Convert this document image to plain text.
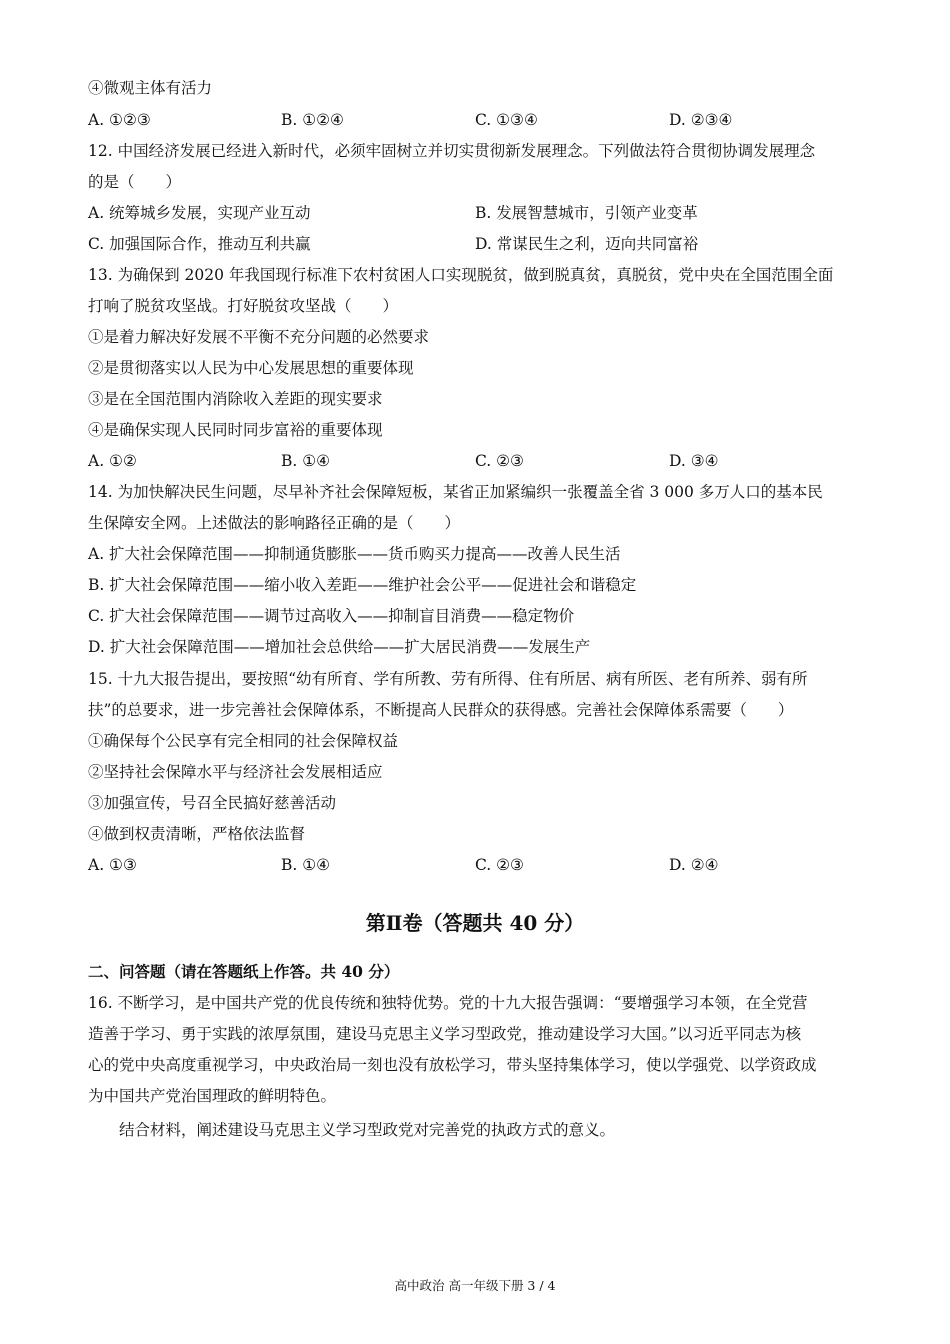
④微观主体有活力
A. ①②③	B. ①②④	C. ①③④	D. ②③④
12. 中国经济发展已经进入新时代，必须牢固树立并切实贯彻新发展理念。下列做法符合贯彻协调发展理念
的是（　　）
A. 统筹城乡发展，实现产业互动	B. 发展智慧城市，引领产业变革
C. 加强国际合作，推动互利共赢	D. 常谋民生之利，迈向共同富裕
13. 为确保到 2020 年我国现行标准下农村贫困人口实现脱贫，做到脱真贫，真脱贫，党中央在全国范围全面
打响了脱贫攻坚战。打好脱贫攻坚战（　　）
①是着力解决好发展不平衡不充分问题的必然要求
②是贯彻落实以人民为中心发展思想的重要体现
③是在全国范围内消除收入差距的现实要求
④是确保实现人民同时同步富裕的重要体现
A. ①②	B. ①④	C. ②③	D. ③④
14. 为加快解决民生问题，尽早补齐社会保障短板，某省正加紧编织一张覆盖全省 3 000 多万人口的基本民
生保障安全网。上述做法的影响路径正确的是（　　）
A. 扩大社会保障范围——抑制通货膨胀——货币购买力提高——改善人民生活
B. 扩大社会保障范围——缩小收入差距——维护社会公平——促进社会和谐稳定
C. 扩大社会保障范围——调节过高收入——抑制盲目消费——稳定物价
D. 扩大社会保障范围——增加社会总供给——扩大居民消费——发展生产
15. 十九大报告提出，要按照“幼有所育、学有所教、劳有所得、住有所居、病有所医、老有所养、弱有所
扶”的总要求，进一步完善社会保障体系，不断提高人民群众的获得感。完善社会保障体系需要（　　）
①确保每个公民享有完全相同的社会保障权益
②坚持社会保障水平与经济社会发展相适应
③加强宣传，号召全民搞好慈善活动
④做到权责清晰，严格依法监督
A. ①③	B. ①④	C. ②③	D. ②④
第Ⅱ卷（答题共 40 分）
二、问答题（请在答题纸上作答。共 40 分）
16. 不断学习，是中国共产党的优良传统和独特优势。党的十九大报告强调：“要增强学习本领，在全党营
造善于学习、勇于实践的浓厚氛围，建设马克思主义学习型政党，推动建设学习大国。”以习近平同志为核
心的党中央高度重视学习，中央政治局一刻也没有放松学习，带头坚持集体学习，使以学强党、以学资政成
为中国共产党治国理政的鲜明特色。
　　结合材料，阐述建设马克思主义学习型政党对完善党的执政方式的意义。
高中政治 高一年级下册 3 / 4
